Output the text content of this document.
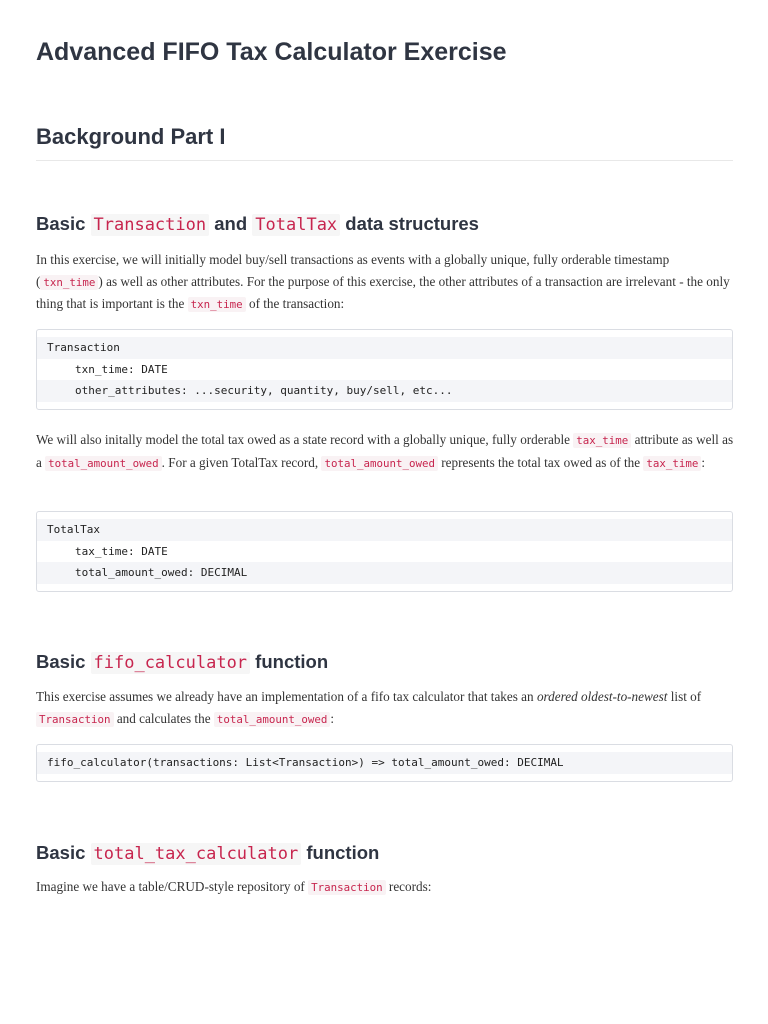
Advanced FIFO Tax Calculator Exercise
Background Part I
Basic Transaction and TotalTax data structures

In this exercise, we will initially model buy/sell transactions as events with a globally unique, fully orderable timestamp ( txn_time ) as well as other attributes. For the purpose of this exercise, the other attributes of a transaction are irrelevant - the only thing that is important is the txn_time of the transaction:

Transaction
txn_time: DATE
other_attributes: ...security, quantity, buy/sell, etc...

We will also initally model the total tax owed as a state record with a globally unique, fully orderable tax_time attribute as well as a total_amount_owed . For a given TotalTax record, total_amount_owed represents the total tax owed as of the tax_time :

TotalTax
tax_time: DATE
total_amount_owed: DECIMAL
Basic fifo_calculator function

This exercise assumes we already have an implementation of a fifo tax calculator that takes an ordered oldest-to-newest list of Transaction and calculates the total_amount_owed :

fifo_calculator(transactions: List<Transaction>) => total_amount_owed: DECIMAL
Basic total_tax_calculator function

Imagine we have a table/CRUD-style repository of Transaction records:
